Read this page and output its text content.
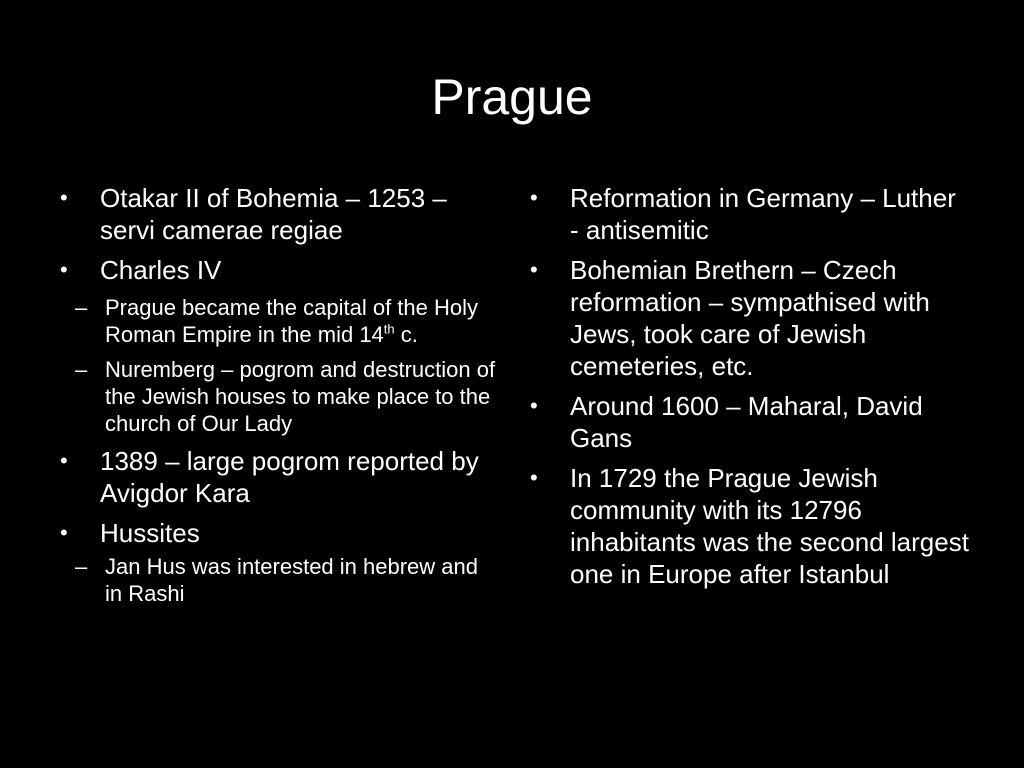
Prague
•	Otakar II of Bohemia – 1253 – servi camerae regiae
•	Charles IV
– Prague became the capital of the Holy Roman Empire in the mid 14th c.
– Nuremberg – pogrom and destruction of the Jewish houses to make place to the church of Our Lady
•	1389 – large pogrom reported by Avigdor Kara
•	Hussites
– Jan Hus was interested in hebrew and in Rashi
•	Reformation in Germany – Luther - antisemitic
•	Bohemian Brethern – Czech reformation – sympathised with Jews, took care of Jewish cemeteries, etc.
•	Around 1600 – Maharal, David Gans
•	In 1729 the Prague Jewish community with its 12796 inhabitants was the second largest one in Europe after Istanbul
